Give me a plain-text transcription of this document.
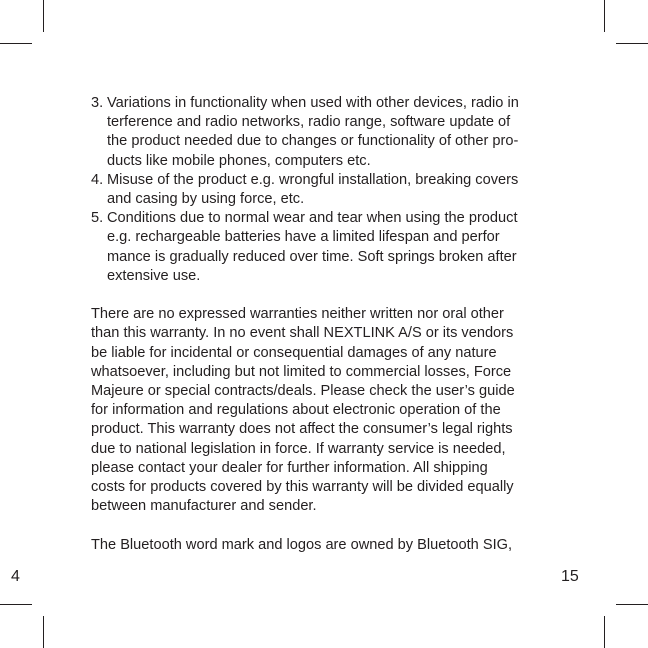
3. Variations in functionality when used with other devices, radio in
terference and radio networks, radio range, software update of
the product needed due to changes or functionality of other pro-
ducts like mobile phones, computers etc.
4. Misuse of the product e.g. wrongful installation, breaking covers
and casing by using force, etc.
5. Conditions due to normal wear and tear when using the product
e.g. rechargeable batteries have a limited lifespan and perfor
mance is gradually reduced over time. Soft springs broken after
extensive use.

There are no expressed warranties neither written nor oral other
than this warranty. In no event shall NEXTLINK A/S or its vendors
be liable for incidental or consequential damages of any nature
whatsoever, including but not limited to commercial losses, Force
Majeure or special contracts/deals. Please check the user’s guide
for information and regulations about electronic operation of the
product. This warranty does not affect the consumer’s legal rights
due to national legislation in force. If warranty service is needed,
please contact your dealer for further information. All shipping
costs for products covered by this warranty will be divided equally
between manufacturer and sender.

The Bluetooth word mark and logos are owned by Bluetooth SIG,

4	15
